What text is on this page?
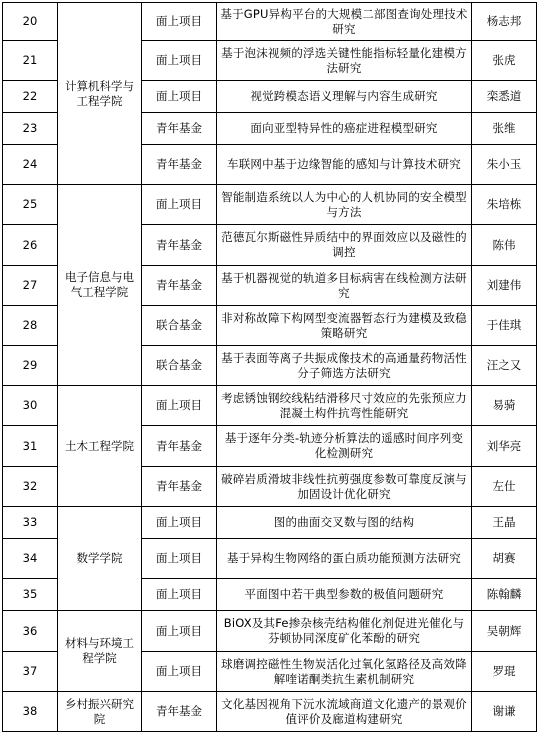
20	计算机科学与工程学院	面上项目	基于GPU异构平台的大规模二部图查询处理技术研究	杨志邦
21		面上项目	基于泡沫视频的浮选关键性能指标轻量化建模方法研究	张虎
22		面上项目	视觉跨模态语义理解与内容生成研究	栾悉道
23		青年基金	面向亚型特异性的癌症进程模型研究	张维
24		青年基金	车联网中基于边缘智能的感知与计算技术研究	朱小玉
25	电子信息与电气工程学院	面上项目	智能制造系统以人为中心的人机协同的安全模型与方法	朱培栋
26		青年基金	范德瓦尔斯磁性异质结中的界面效应以及磁性的调控	陈伟
27		青年基金	基于机器视觉的轨道多目标病害在线检测方法研究	刘建伟
28		联合基金	非对称故障下构网型变流器暂态行为建模及致稳策略研究	于佳琪
29		联合基金	基于表面等离子共振成像技术的高通量药物活性分子筛选方法研究	汪之又
30	土木工程学院	面上项目	考虑锈蚀钢绞线粘结滑移尺寸效应的先张预应力混凝土构件抗弯性能研究	易骑
31		青年基金	基于逐年分类-轨迹分析算法的遥感时间序列变化检测研究	刘华亮
32		青年基金	破碎岩质滑坡非线性抗剪强度参数可靠度反演与加固设计优化研究	左仕
33	数学学院	面上项目	图的曲面交叉数与图的结构	王晶
34		面上项目	基于异构生物网络的蛋白质功能预测方法研究	胡赛
35		面上项目	平面图中若干典型参数的极值问题研究	陈翰麟
36	材料与环境工程学院	面上项目	BiOX及其Fe掺杂核壳结构催化剂促进光催化与芬顿协同深度矿化苯酚的研究	吴朝辉
37		面上项目	球磨调控磁性生物炭活化过氧化氢路径及高效降解喹诺酮类抗生素机制研究	罗琨
38	乡村振兴研究院	青年基金	文化基因视角下沅水流域商道文化遗产的景观价值评价及廊道构建研究	谢谦
